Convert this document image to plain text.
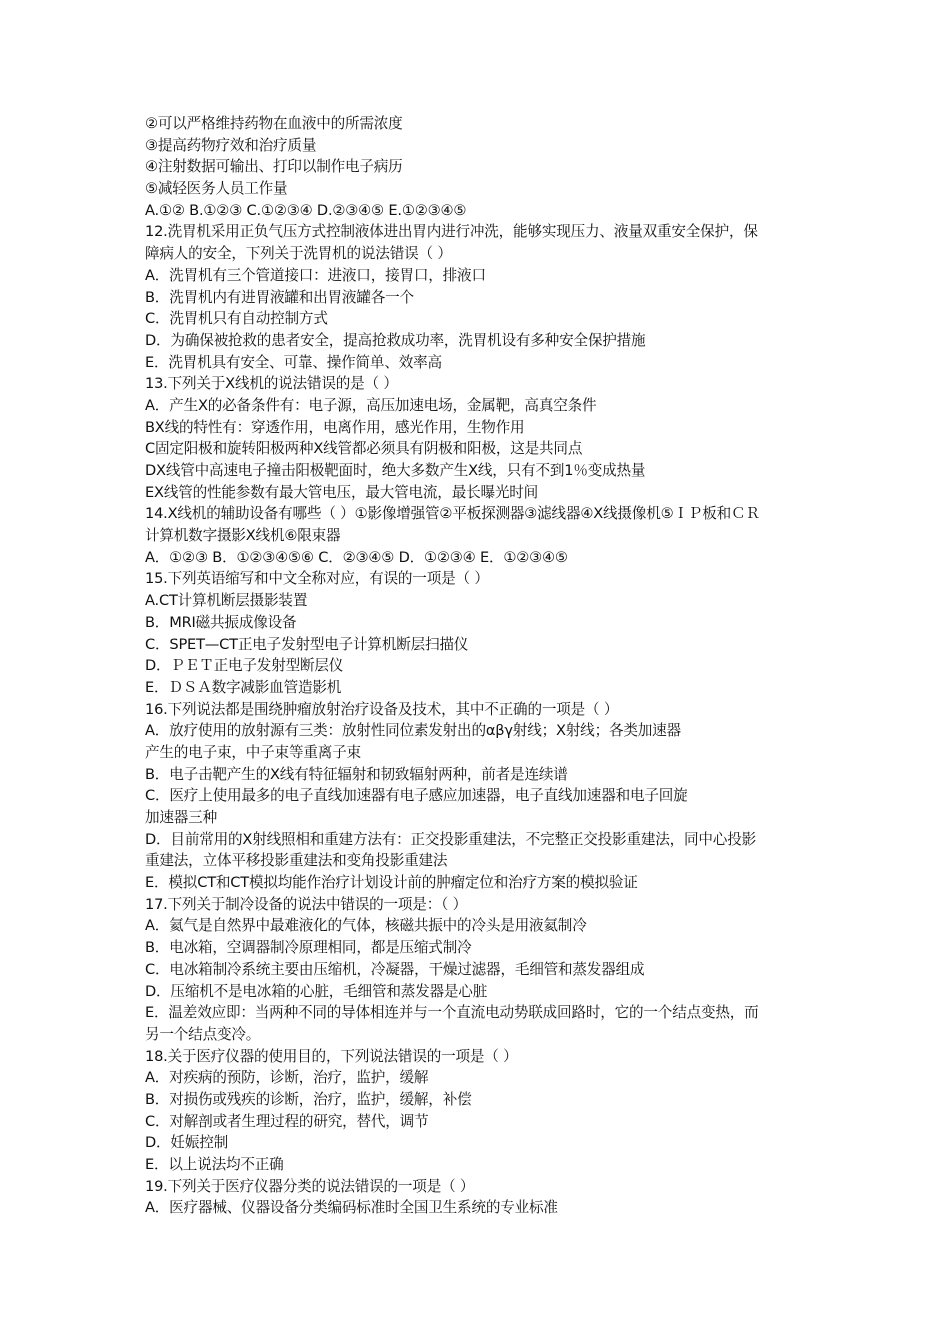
②可以严格维持药物在血液中的所需浓度
③提高药物疗效和治疗质量
④注射数据可输出、打印以制作电子病历
⑤减轻医务人员工作量
A.①② B.①②③ C.①②③④ D.②③④⑤ E.①②③④⑤
12.洗胃机采用正负气压方式控制液体进出胃内进行冲洗，能够实现压力、液量双重安全保护，保
障病人的安全，下列关于洗胃机的说法错误（ ）
A．洗胃机有三个管道接口：进液口，接胃口，排液口
B．洗胃机内有进胃液罐和出胃液罐各一个
C．洗胃机只有自动控制方式
D．为确保被抢救的患者安全，提高抢救成功率，洗胃机设有多种安全保护措施
E．洗胃机具有安全、可靠、操作简单、效率高
13.下列关于X线机的说法错误的是（ ）
A．产生X的必备条件有：电子源，高压加速电场，金属靶，高真空条件
BX线的特性有：穿透作用，电离作用，感光作用，生物作用
C固定阳极和旋转阳极两种X线管都必须具有阴极和阳极，这是共同点
DX线管中高速电子撞击阳极靶面时，绝大多数产生X线，只有不到1％变成热量
EX线管的性能参数有最大管电压，最大管电流，最长曝光时间
14.X线机的辅助设备有哪些（ ）①影像增强管②平板探测器③滤线器④X线摄像机⑤ＩＰ板和ＣＲ
计算机数字摄影X线机⑥限束器
A．①②③ B．①②③④⑤⑥ C．②③④⑤ D．①②③④ E．①②③④⑤
15.下列英语缩写和中文全称对应，有误的一项是（ ）
A.CT计算机断层摄影装置
B．MRI磁共振成像设备
C．SPET—CT正电子发射型电子计算机断层扫描仪
D．ＰＥＴ正电子发射型断层仪
E．ＤＳＡ数字减影血管造影机
16.下列说法都是围绕肿瘤放射治疗设备及技术，其中不正确的一项是（ ）
A．放疗使用的放射源有三类：放射性同位素发射出的αβγ射线；X射线；各类加速器
产生的电子束，中子束等重离子束
B．电子击靶产生的X线有特征辐射和韧致辐射两种，前者是连续谱
C．医疗上使用最多的电子直线加速器有电子感应加速器，电子直线加速器和电子回旋
加速器三种
D．目前常用的X射线照相和重建方法有：正交投影重建法，不完整正交投影重建法，同中心投影
重建法，立体平移投影重建法和变角投影重建法
E．模拟CT和CT模拟均能作治疗计划设计前的肿瘤定位和治疗方案的模拟验证
17.下列关于制冷设备的说法中错误的一项是：（ ）
A．氦气是自然界中最难液化的气体，核磁共振中的冷头是用液氦制冷
B．电冰箱，空调器制冷原理相同，都是压缩式制冷
C．电冰箱制冷系统主要由压缩机，冷凝器，干燥过滤器，毛细管和蒸发器组成
D．压缩机不是电冰箱的心脏，毛细管和蒸发器是心脏
E．温差效应即：当两种不同的导体相连并与一个直流电动势联成回路时，它的一个结点变热，而
另一个结点变冷。
18.关于医疗仪器的使用目的，下列说法错误的一项是（ ）
A．对疾病的预防，诊断，治疗，监护，缓解
B．对损伤或残疾的诊断，治疗，监护，缓解，补偿
C．对解剖或者生理过程的研究，替代，调节
D．妊娠控制
E．以上说法均不正确
19.下列关于医疗仪器分类的说法错误的一项是（ ）
A．医疗器械、仪器设备分类编码标准时全国卫生系统的专业标准
